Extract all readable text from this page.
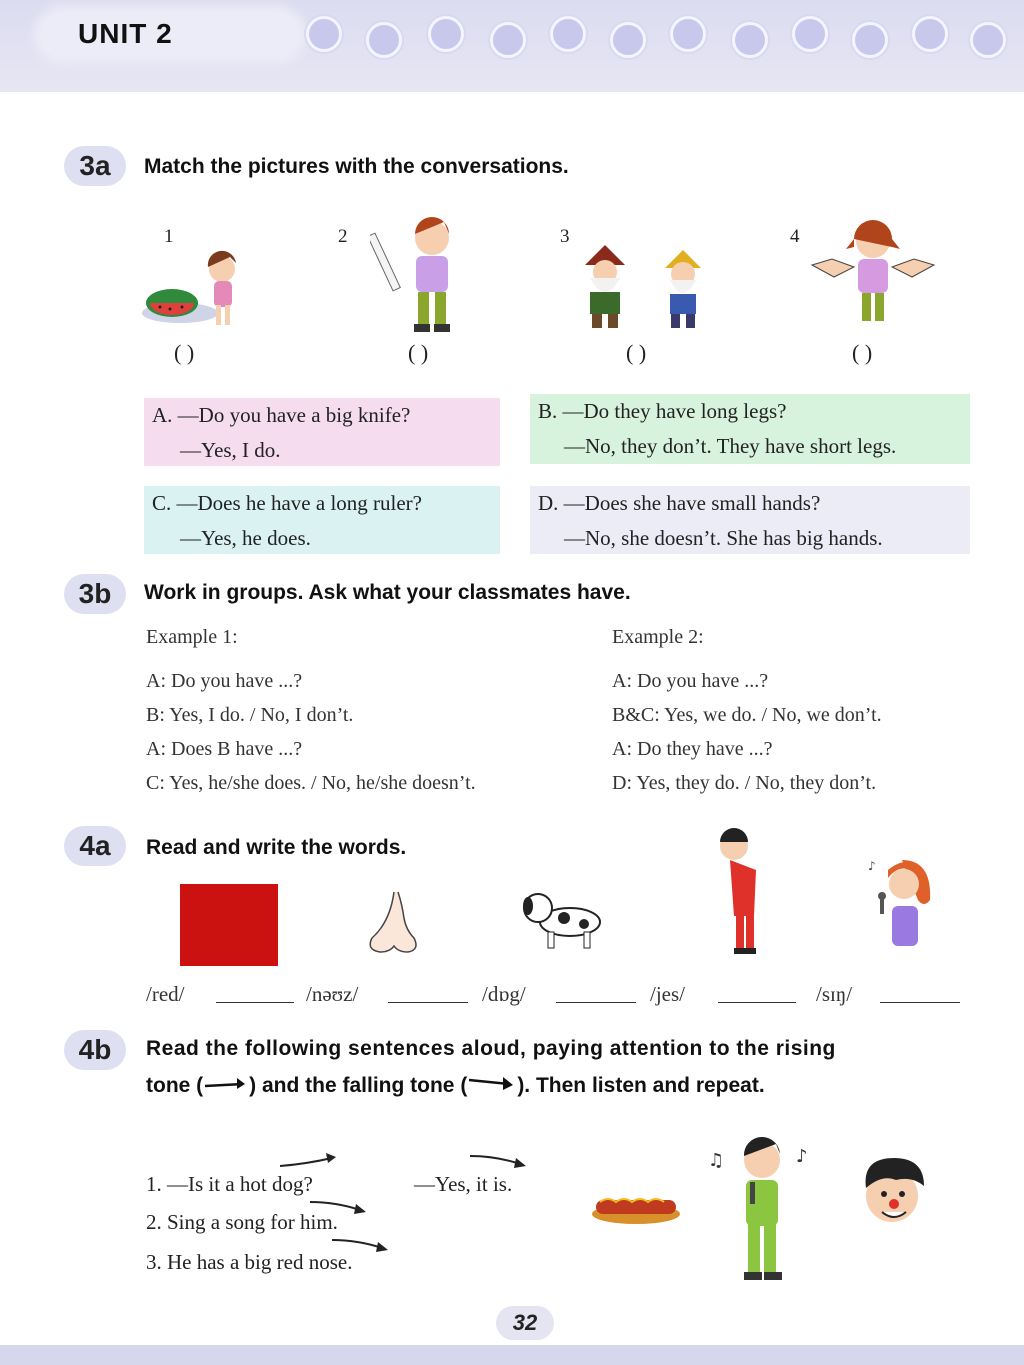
UNIT 2
3a	Match the pictures with the conversations.
1	2	3	4
( )	( )	( )	( )
A. —Do you have a big knife?
—Yes, I do.
B. —Do they have long legs?
—No, they don’t. They have short legs.
C. —Does he have a long ruler?
—Yes, he does.
D. —Does she have small hands?
—No, she doesn’t. She has big hands.
3b	Work in groups. Ask what your classmates have.
Example 1:
A: Do you have ...?
B: Yes, I do. / No, I don’t.
A: Does B have ...?
C: Yes, he/she does. / No, he/she doesn’t.
Example 2:
A: Do you have ...?
B&C: Yes, we do. / No, we don’t.
A: Do they have ...?
D: Yes, they do. / No, they don’t.
4a	Read and write the words.
♪
/red/	/nəʊz/	/dɒg/	/jes/	/sɪŋ/
4b	Read the following sentences aloud, paying attention to the rising
tone ( ) and the falling tone ( ). Then listen and repeat.
1. —Is it a hot dog?	—Yes, it is.
2. Sing a song for him.
3. He has a big red nose.
♫	♪
32
